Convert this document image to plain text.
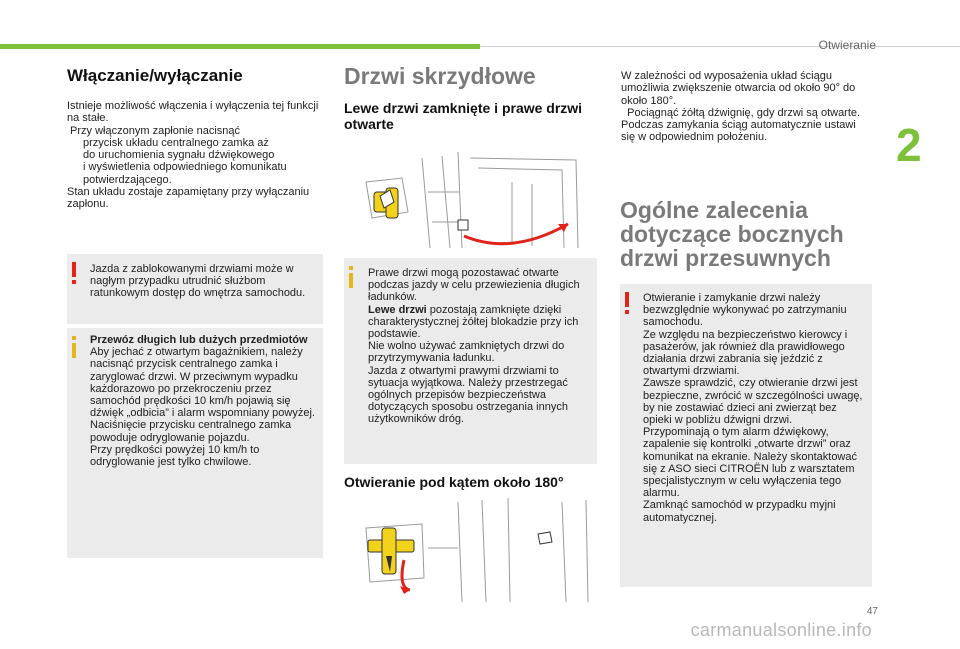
Otwieranie
2
Włączanie/wyłączanie

Istnieje możliwość włączenia i wyłączenia tej funkcji na stałe.

Przy włączonym zapłonie nacisnąć

przycisk układu centralnego zamka aż

do uruchomienia sygnału dźwiękowego

i wyświetlenia odpowiedniego komunikatu

potwierdzającego.

Stan układu zostaje zapamiętany przy wyłączaniu zapłonu.

Jazda z zablokowanymi drzwiami może w nagłym przypadku utrudnić służbom ratunkowym dostęp do wnętrza samochodu.

Przewóz długich lub dużych przedmiotów

Aby jechać z otwartym bagażnikiem, należy nacisnąć przycisk centralnego zamka i zaryglować drzwi. W przeciwnym wypadku każdorazowo po przekroczeniu przez samochód prędkości 10 km/h pojawią się dźwięk „odbicia” i alarm wspomniany powyżej.

Naciśnięcie przycisku centralnego zamka powoduje odryglowanie pojazdu.

Przy prędkości powyżej 10 km/h to odryglowanie jest tylko chwilowe.

Drzwi skrzydłowe
Lewe drzwi zamknięte i prawe drzwi otwarte

Prawe drzwi mogą pozostawać otwarte podczas jazdy w celu przewiezienia długich ładunków.

Lewe drzwi pozostają zamknięte dzięki charakterystycznej żółtej blokadzie przy ich podstawie.

Nie wolno używać zamkniętych drzwi do przytrzymywania ładunku.

Jazda z otwartymi prawymi drzwiami to sytuacja wyjątkowa. Należy przestrzegać ogólnych przepisów bezpieczeństwa dotyczących sposobu ostrzegania innych użytkowników dróg.

Otwieranie pod kątem około 180°

W zależności od wyposażenia układ ściągu umożliwia zwiększenie otwarcia od około 90° do około 180°.

Pociągnąć żółtą dźwignię, gdy drzwi są otwarte.

Podczas zamykania ściąg automatycznie ustawi się w odpowiednim położeniu.

Ogólne zalecenia dotyczące bocznych drzwi przesuwnych

Otwieranie i zamykanie drzwi należy bezwzględnie wykonywać po zatrzymaniu samochodu.

Ze względu na bezpieczeństwo kierowcy i pasażerów, jak również dla prawidłowego działania drzwi zabrania się jeździć z otwartymi drzwiami.

Zawsze sprawdzić, czy otwieranie drzwi jest bezpieczne, zwrócić w szczególności uwagę, by nie zostawiać dzieci ani zwierząt bez opieki w pobliżu dźwigni drzwi.

Przypominają o tym alarm dźwiękowy, zapalenie się kontrolki „otwarte drzwi” oraz komunikat na ekranie. Należy skontaktować się z ASO sieci CITROËN lub z warsztatem specjalistycznym w celu wyłączenia tego alarmu.

Zamknąć samochód w przypadku myjni automatycznej.

47
carmanualsonline.info
